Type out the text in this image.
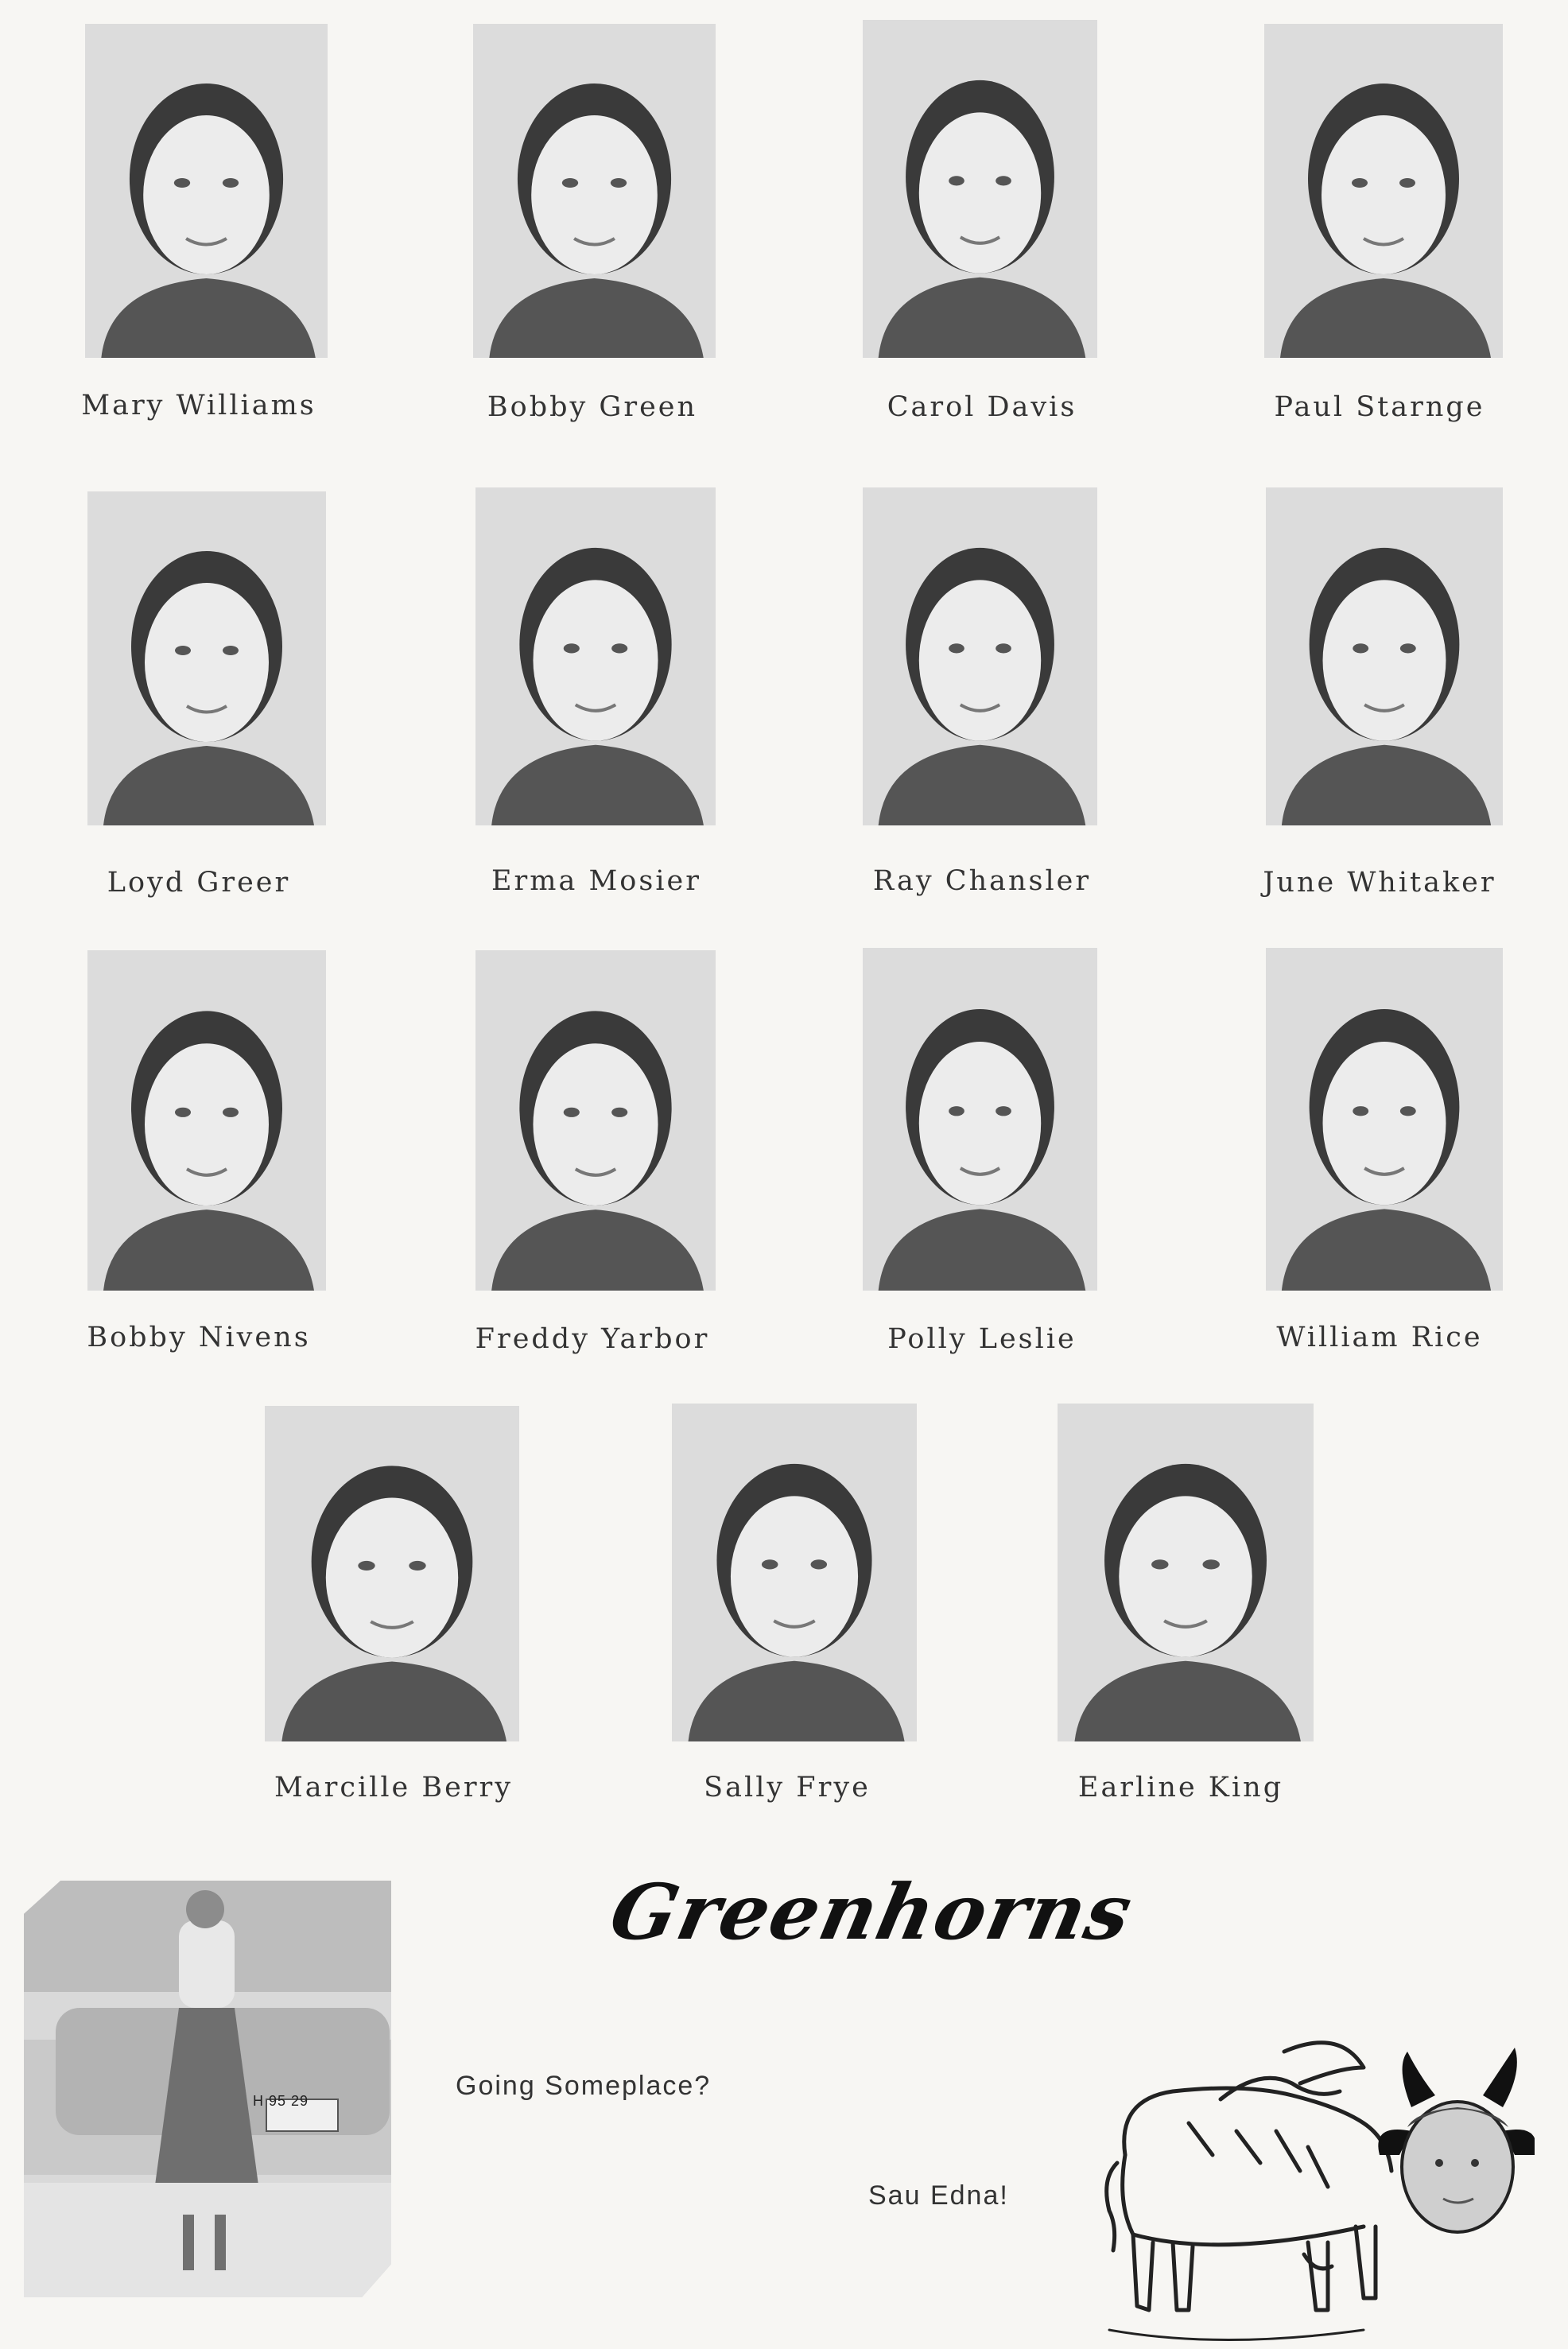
Mary Williams	Bobby Green	Carol Davis	Paul Starnge
Loyd Greer	Erma Mosier	Ray Chansler	June Whitaker
Bobby Nivens	Freddy Yarbor	Polly Leslie	William Rice
Marcille Berry	Sally Frye	Earline King
Greenhorns
H 95 29	Going Someplace?
Sau Edna!
